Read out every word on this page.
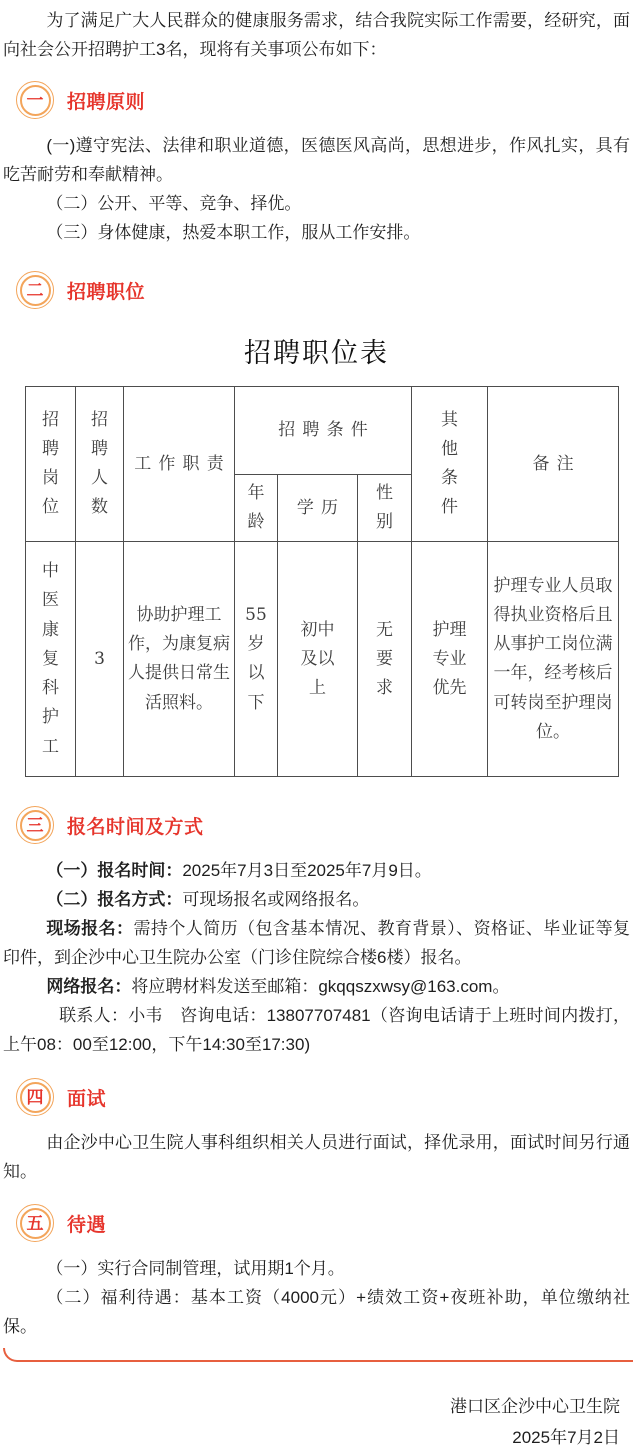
为了满足广大人民群众的健康服务需求，结合我院实际工作需要，经研究，面向社会公开招聘护工3名，现将有关事项公布如下：

一 招聘原则

(一)遵守宪法、法律和职业道德，医德医风高尚，思想进步，作风扎实，具有吃苦耐劳和奉献精神。

（二）公开、平等、竞争、择优。

（三）身体健康，热爱本职工作，服从工作安排。

二 招聘职位
招聘职位表
招聘岗位	招聘人数	工作职责	招聘条件			其他条件	备注
			年龄	学历	性别		
中医康复科护工	3	协助护理工作，为康复病人提供日常生活照料。	55岁以下	初中及以上	无要求	护理专业优先	护理专业人员取得执业资格后且从事护工岗位满一年，经考核后可转岗至护理岗位。
三 报名时间及方式

（一）报名时间：2025年7月3日至2025年7月9日。

（二）报名方式：可现场报名或网络报名。

现场报名：需持个人简历（包含基本情况、教育背景）、资格证、毕业证等复印件，到企沙中心卫生院办公室（门诊住院综合楼6楼）报名。

网络报名：将应聘材料发送至邮箱：gkqqszxwsy@163.com。

联系人：小韦　咨询电话：13807707481（咨询电话请于上班时间内拨打，上午08：00至12:00，下午14:30至17:30)

四 面试

由企沙中心卫生院人事科组织相关人员进行面试，择优录用，面试时间另行通知。

五 待遇

（一）实行合同制管理，试用期1个月。

（二）福利待遇：基本工资（4000元）+绩效工资+夜班补助，单位缴纳社保。

港口区企沙中心卫生院
2025年7月2日
